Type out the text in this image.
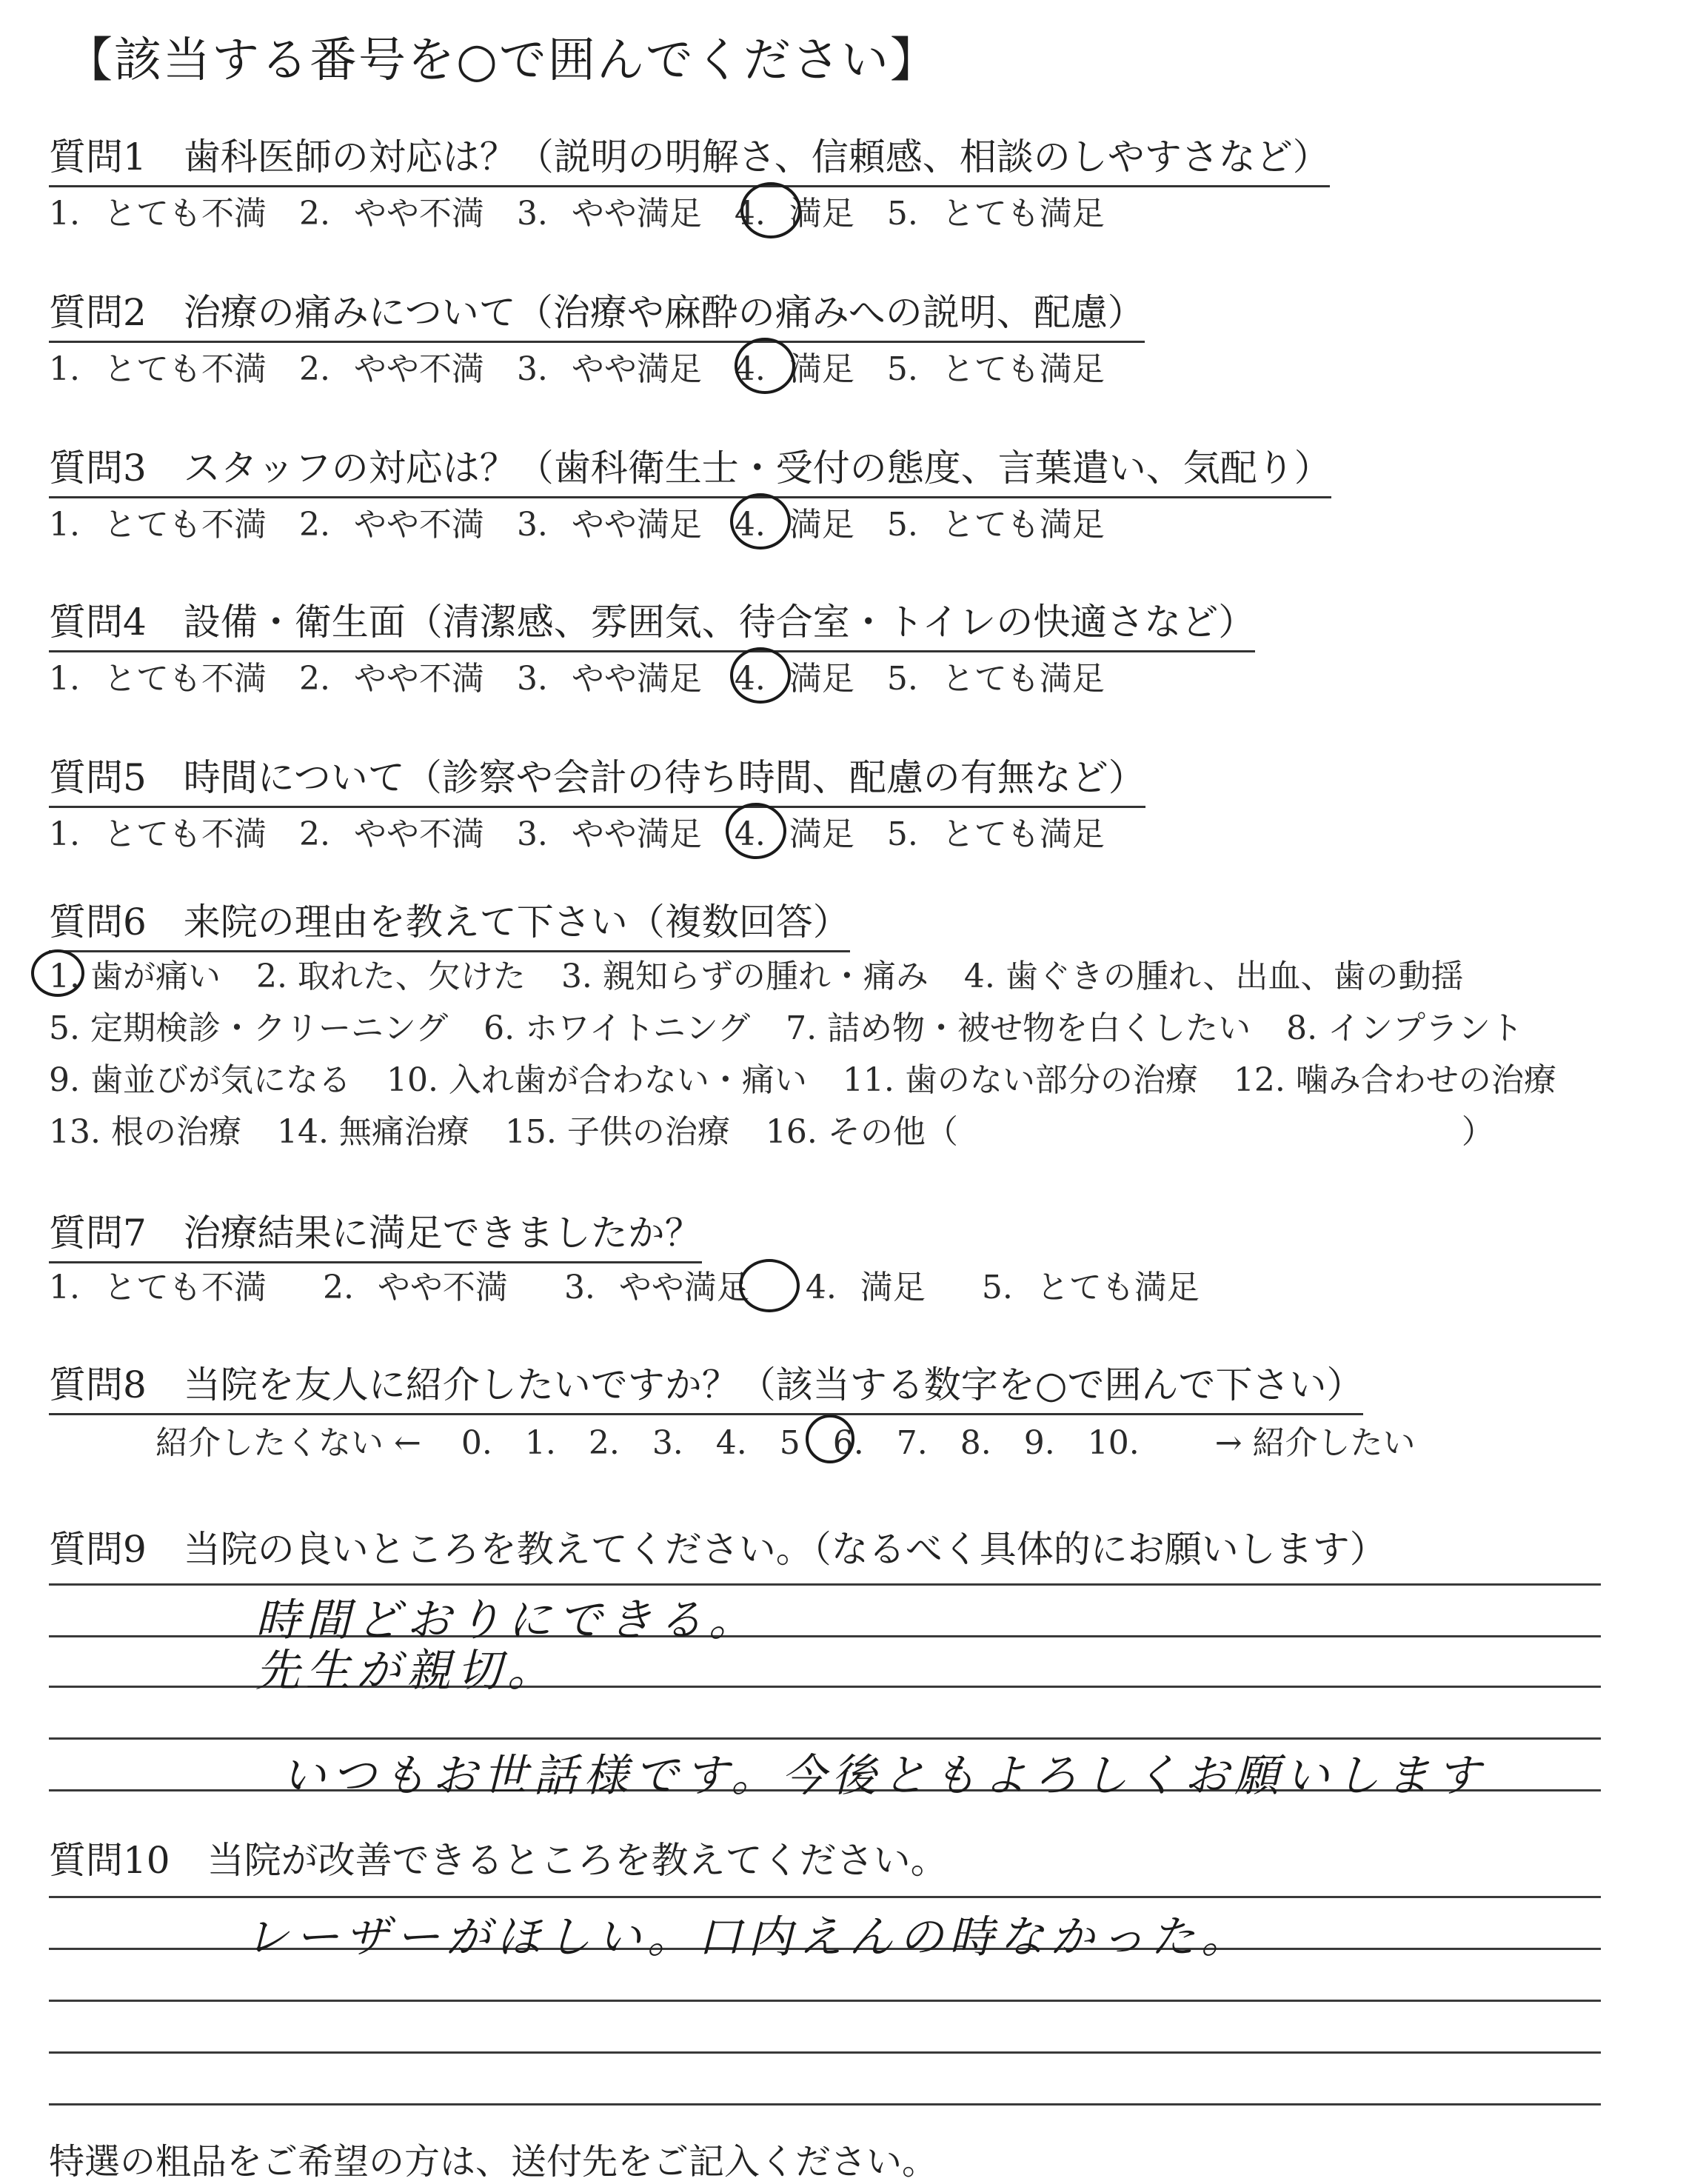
【該当する番号を○で囲んでください】
質問1　歯科医師の対応は？（説明の明解さ、信頼感、相談のしやすさなど）
1. とても不満 2. やや不満 3. やや満足 4. 満足 5. とても満足
質問2　治療の痛みについて（治療や麻酔の痛みへの説明、配慮）
1. とても不満 2. やや不満 3. やや満足 4. 満足 5. とても満足
質問3　スタッフの対応は？（歯科衛生士・受付の態度、言葉遣い、気配り）
1. とても不満 2. やや不満 3. やや満足 4. 満足 5. とても満足
質問4　設備・衛生面（清潔感、雰囲気、待合室・トイレの快適さなど）
1. とても不満 2. やや不満 3. やや満足 4. 満足 5. とても満足
質問5　時間について（診察や会計の待ち時間、配慮の有無など）
1. とても不満 2. やや不満 3. やや満足 4. 満足 5. とても満足
質問6　来院の理由を教えて下さい（複数回答）
1. 歯が痛い 2. 取れた、欠けた 3. 親知らずの腫れ・痛み 4. 歯ぐきの腫れ、出血、歯の動揺
5. 定期検診・クリーニング 6. ホワイトニング 7. 詰め物・被せ物を白くしたい 8. インプラント
9. 歯並びが気になる 10. 入れ歯が合わない・痛い 11. 歯のない部分の治療 12. 噛み合わせの治療
13. 根の治療 14. 無痛治療 15. 子供の治療 16. その他（	）
質問7　治療結果に満足できましたか？
1. とても不満 2. やや不満 3. やや満足 4. 満足 5. とても満足
質問8　当院を友人に紹介したいですか？（該当する数字を○で囲んで下さい）
紹介したくない ← 0. 1. 2. 3. 4. 5 6. 7. 8. 9. 10. → 紹介したい
質問9　当院の良いところを教えてください。（なるべく具体的にお願いします）
時間どおりにできる。
先生が親切。
いつもお世話様です。今後ともよろしくお願いします
質問10　当院が改善できるところを教えてください。
レーザーがほしい。口内えんの時なかった。
特選の粗品をご希望の方は、送付先をご記入ください。
